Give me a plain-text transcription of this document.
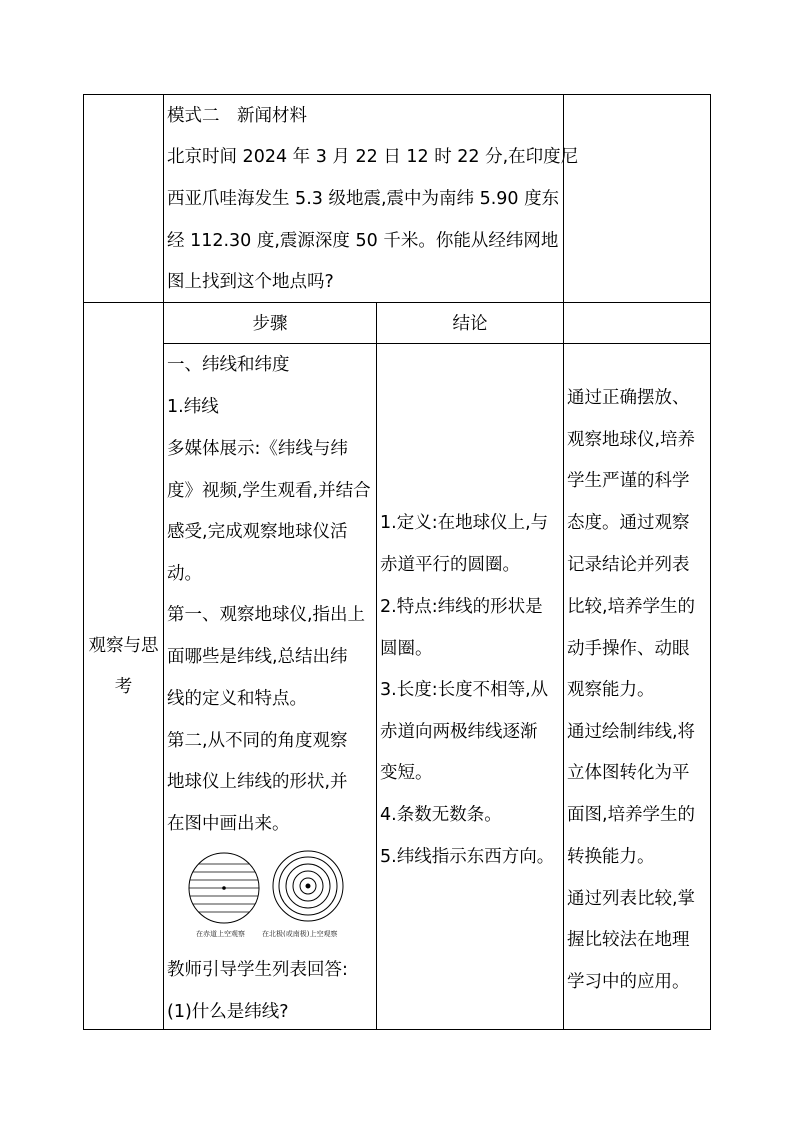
模式二　新闻材料
北京时间 2024 年 3 月 22 日 12 时 22 分,在印度尼
西亚爪哇海发生 5.3 级地震,震中为南纬 5.90 度东
经 112.30 度,震源深度 50 千米。你能从经纬网地
图上找到这个地点吗?
观察与思
考
步骤	结论
一、纬线和纬度
1.纬线
多媒体展示:《纬线与纬
度》视频,学生观看,并结合
感受,完成观察地球仪活
动。
第一、观察地球仪,指出上
面哪些是纬线,总结出纬
线的定义和特点。
第二,从不同的角度观察
地球仪上纬线的形状,并
在图中画出来。
在赤道上空观察 在北极(或南极)上空观察
教师引导学生列表回答:
(1)什么是纬线?
1.定义:在地球仪上,与
赤道平行的圆圈。
2.特点:纬线的形状是
圆圈。
3.长度:长度不相等,从
赤道向两极纬线逐渐
变短。
4.条数无数条。
5.纬线指示东西方向。
通过正确摆放、
观察地球仪,培养
学生严谨的科学
态度。通过观察
记录结论并列表
比较,培养学生的
动手操作、动眼
观察能力。
通过绘制纬线,将
立体图转化为平
面图,培养学生的
转换能力。
通过列表比较,掌
握比较法在地理
学习中的应用。
